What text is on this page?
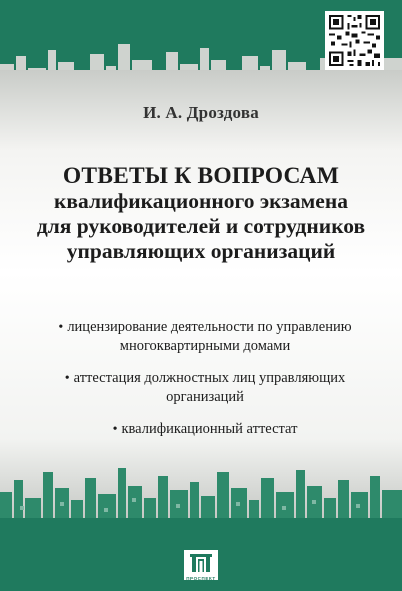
И. А. Дроздова
ОТВЕТЫ К ВОПРОСАМ
квалификационного экзамена
для руководителей и сотрудников
управляющих организаций
• лицензирование деятельности по управлению
многоквартирными домами
• аттестация должностных лиц управляющих
организаций
• квалификационный аттестат
ПРОСПЕКТ
